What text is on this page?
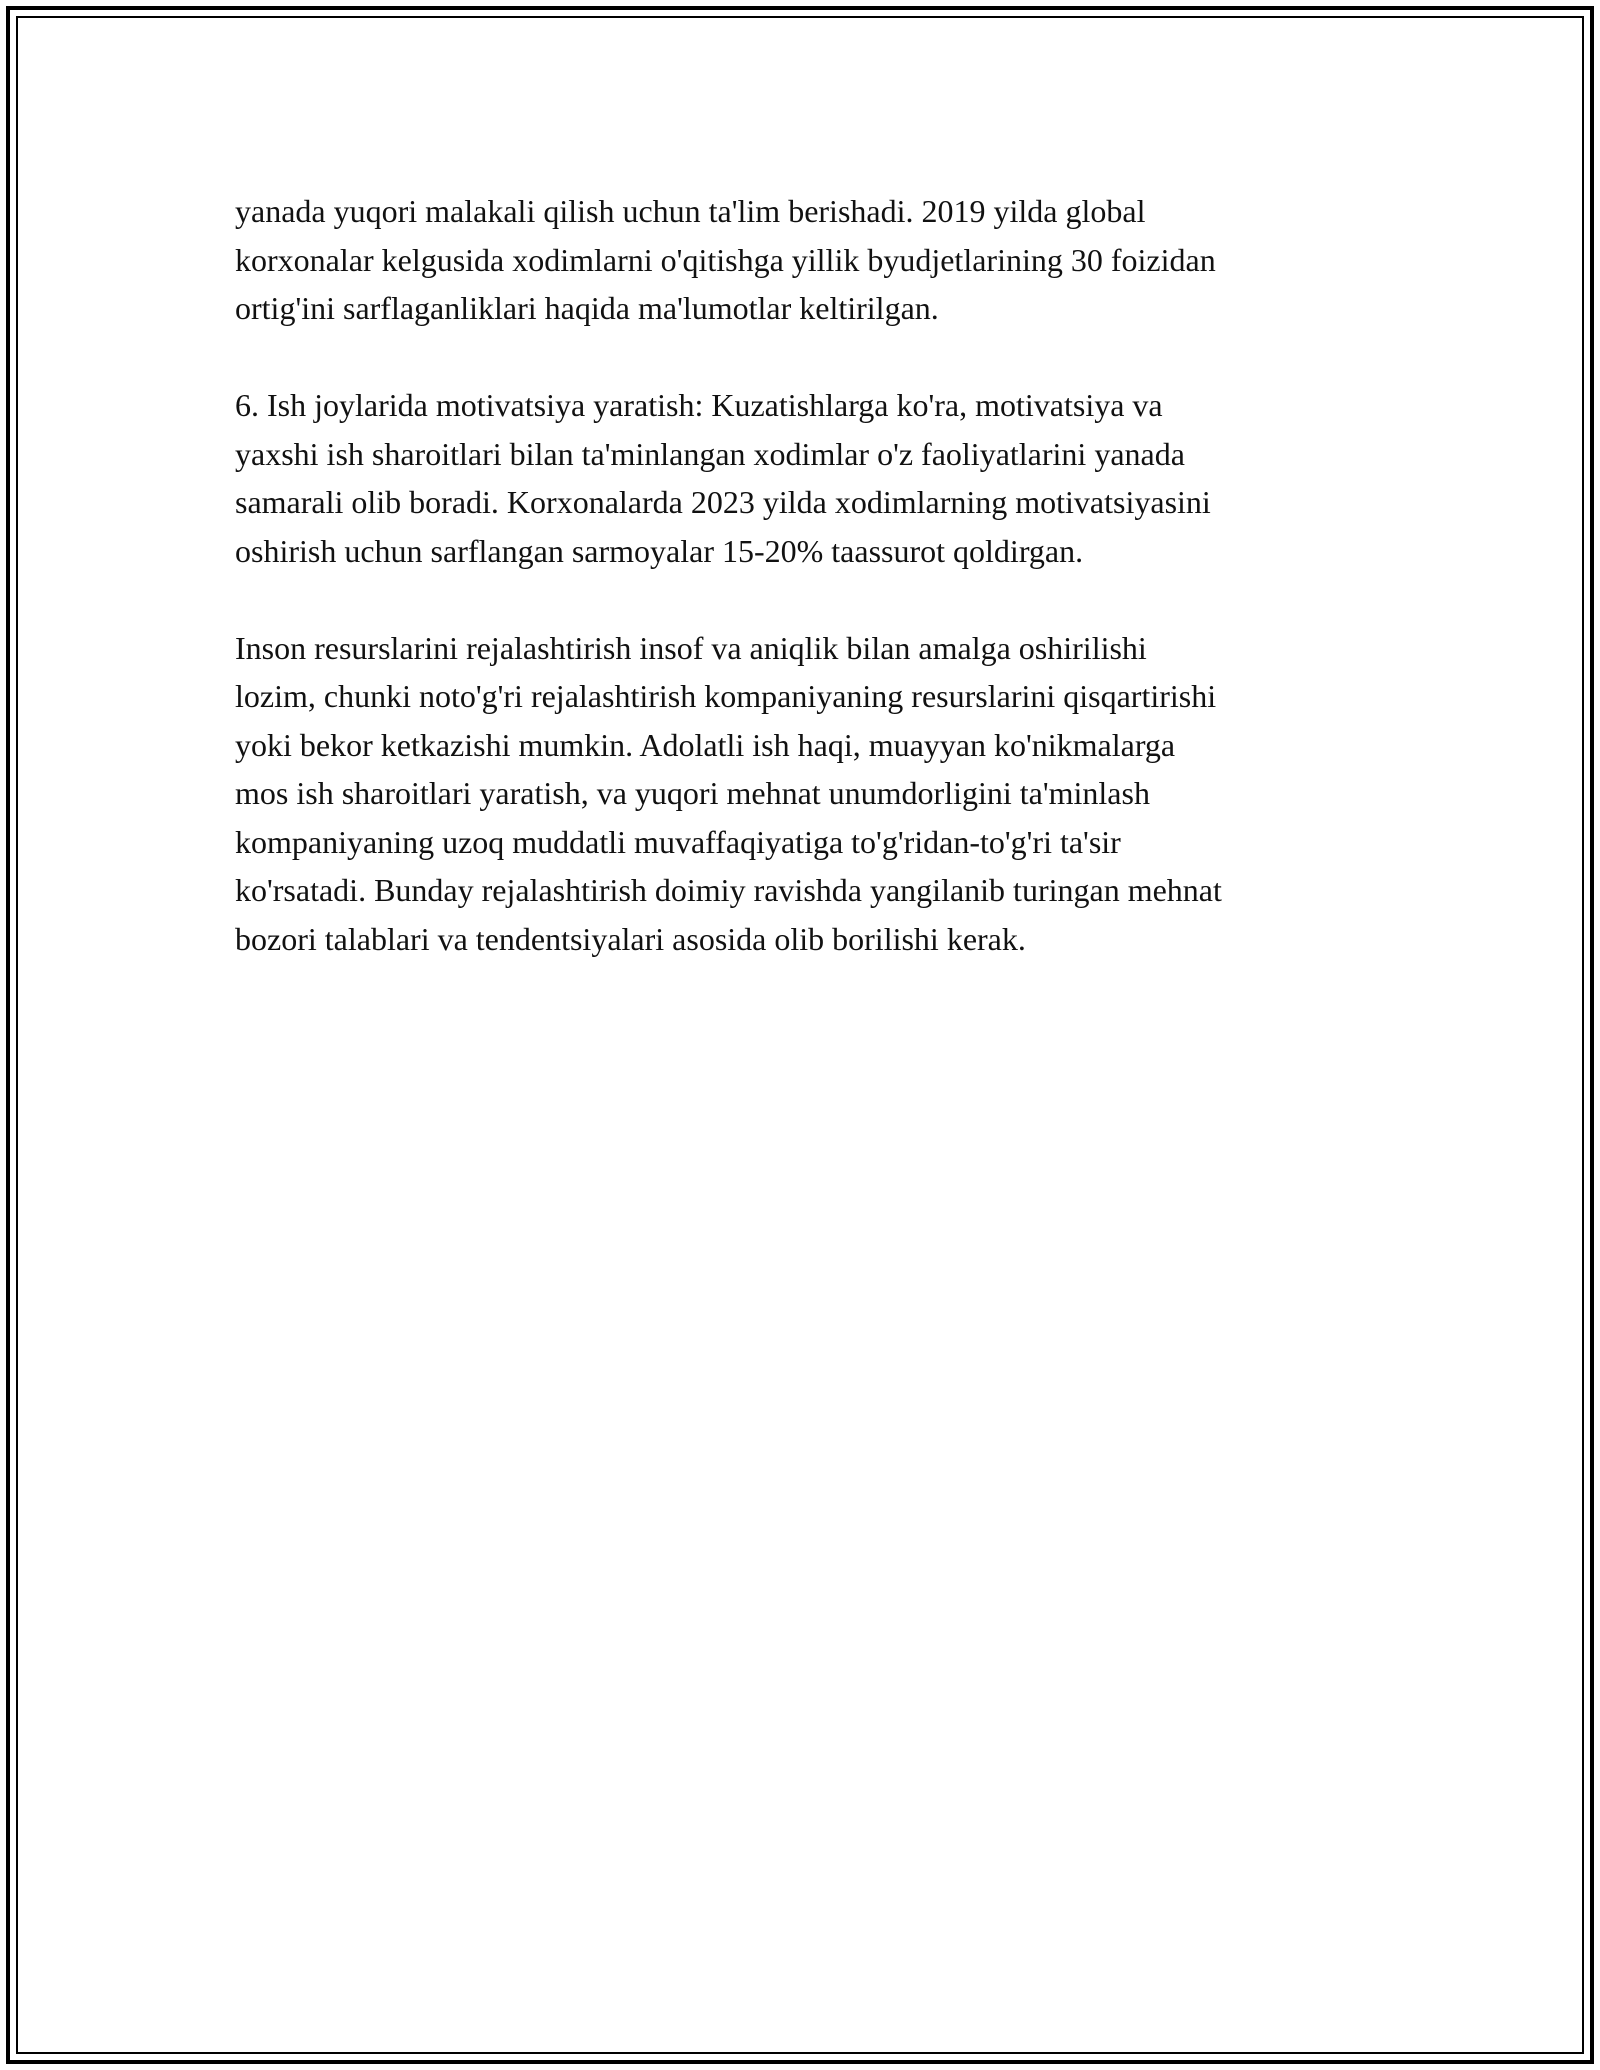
yanada yuqori malakali qilish uchun ta'lim berishadi. 2019 yilda global
korxonalar kelgusida xodimlarni o'qitishga yillik byudjetlarining 30 foizidan
ortig'ini sarflaganliklari haqida ma'lumotlar keltirilgan.

6. Ish joylarida motivatsiya yaratish: Kuzatishlarga ko'ra, motivatsiya va
yaxshi ish sharoitlari bilan ta'minlangan xodimlar o'z faoliyatlarini yanada
samarali olib boradi. Korxonalarda 2023 yilda xodimlarning motivatsiyasini
oshirish uchun sarflangan sarmoyalar 15-20% taassurot qoldirgan.

Inson resurslarini rejalashtirish insof va aniqlik bilan amalga oshirilishi
lozim, chunki noto'g'ri rejalashtirish kompaniyaning resurslarini qisqartirishi
yoki bekor ketkazishi mumkin. Adolatli ish haqi, muayyan ko'nikmalarga
mos ish sharoitlari yaratish, va yuqori mehnat unumdorligini ta'minlash
kompaniyaning uzoq muddatli muvaffaqiyatiga to'g'ridan-to'g'ri ta'sir
ko'rsatadi. Bunday rejalashtirish doimiy ravishda yangilanib turingan mehnat
bozori talablari va tendentsiyalari asosida olib borilishi kerak.
